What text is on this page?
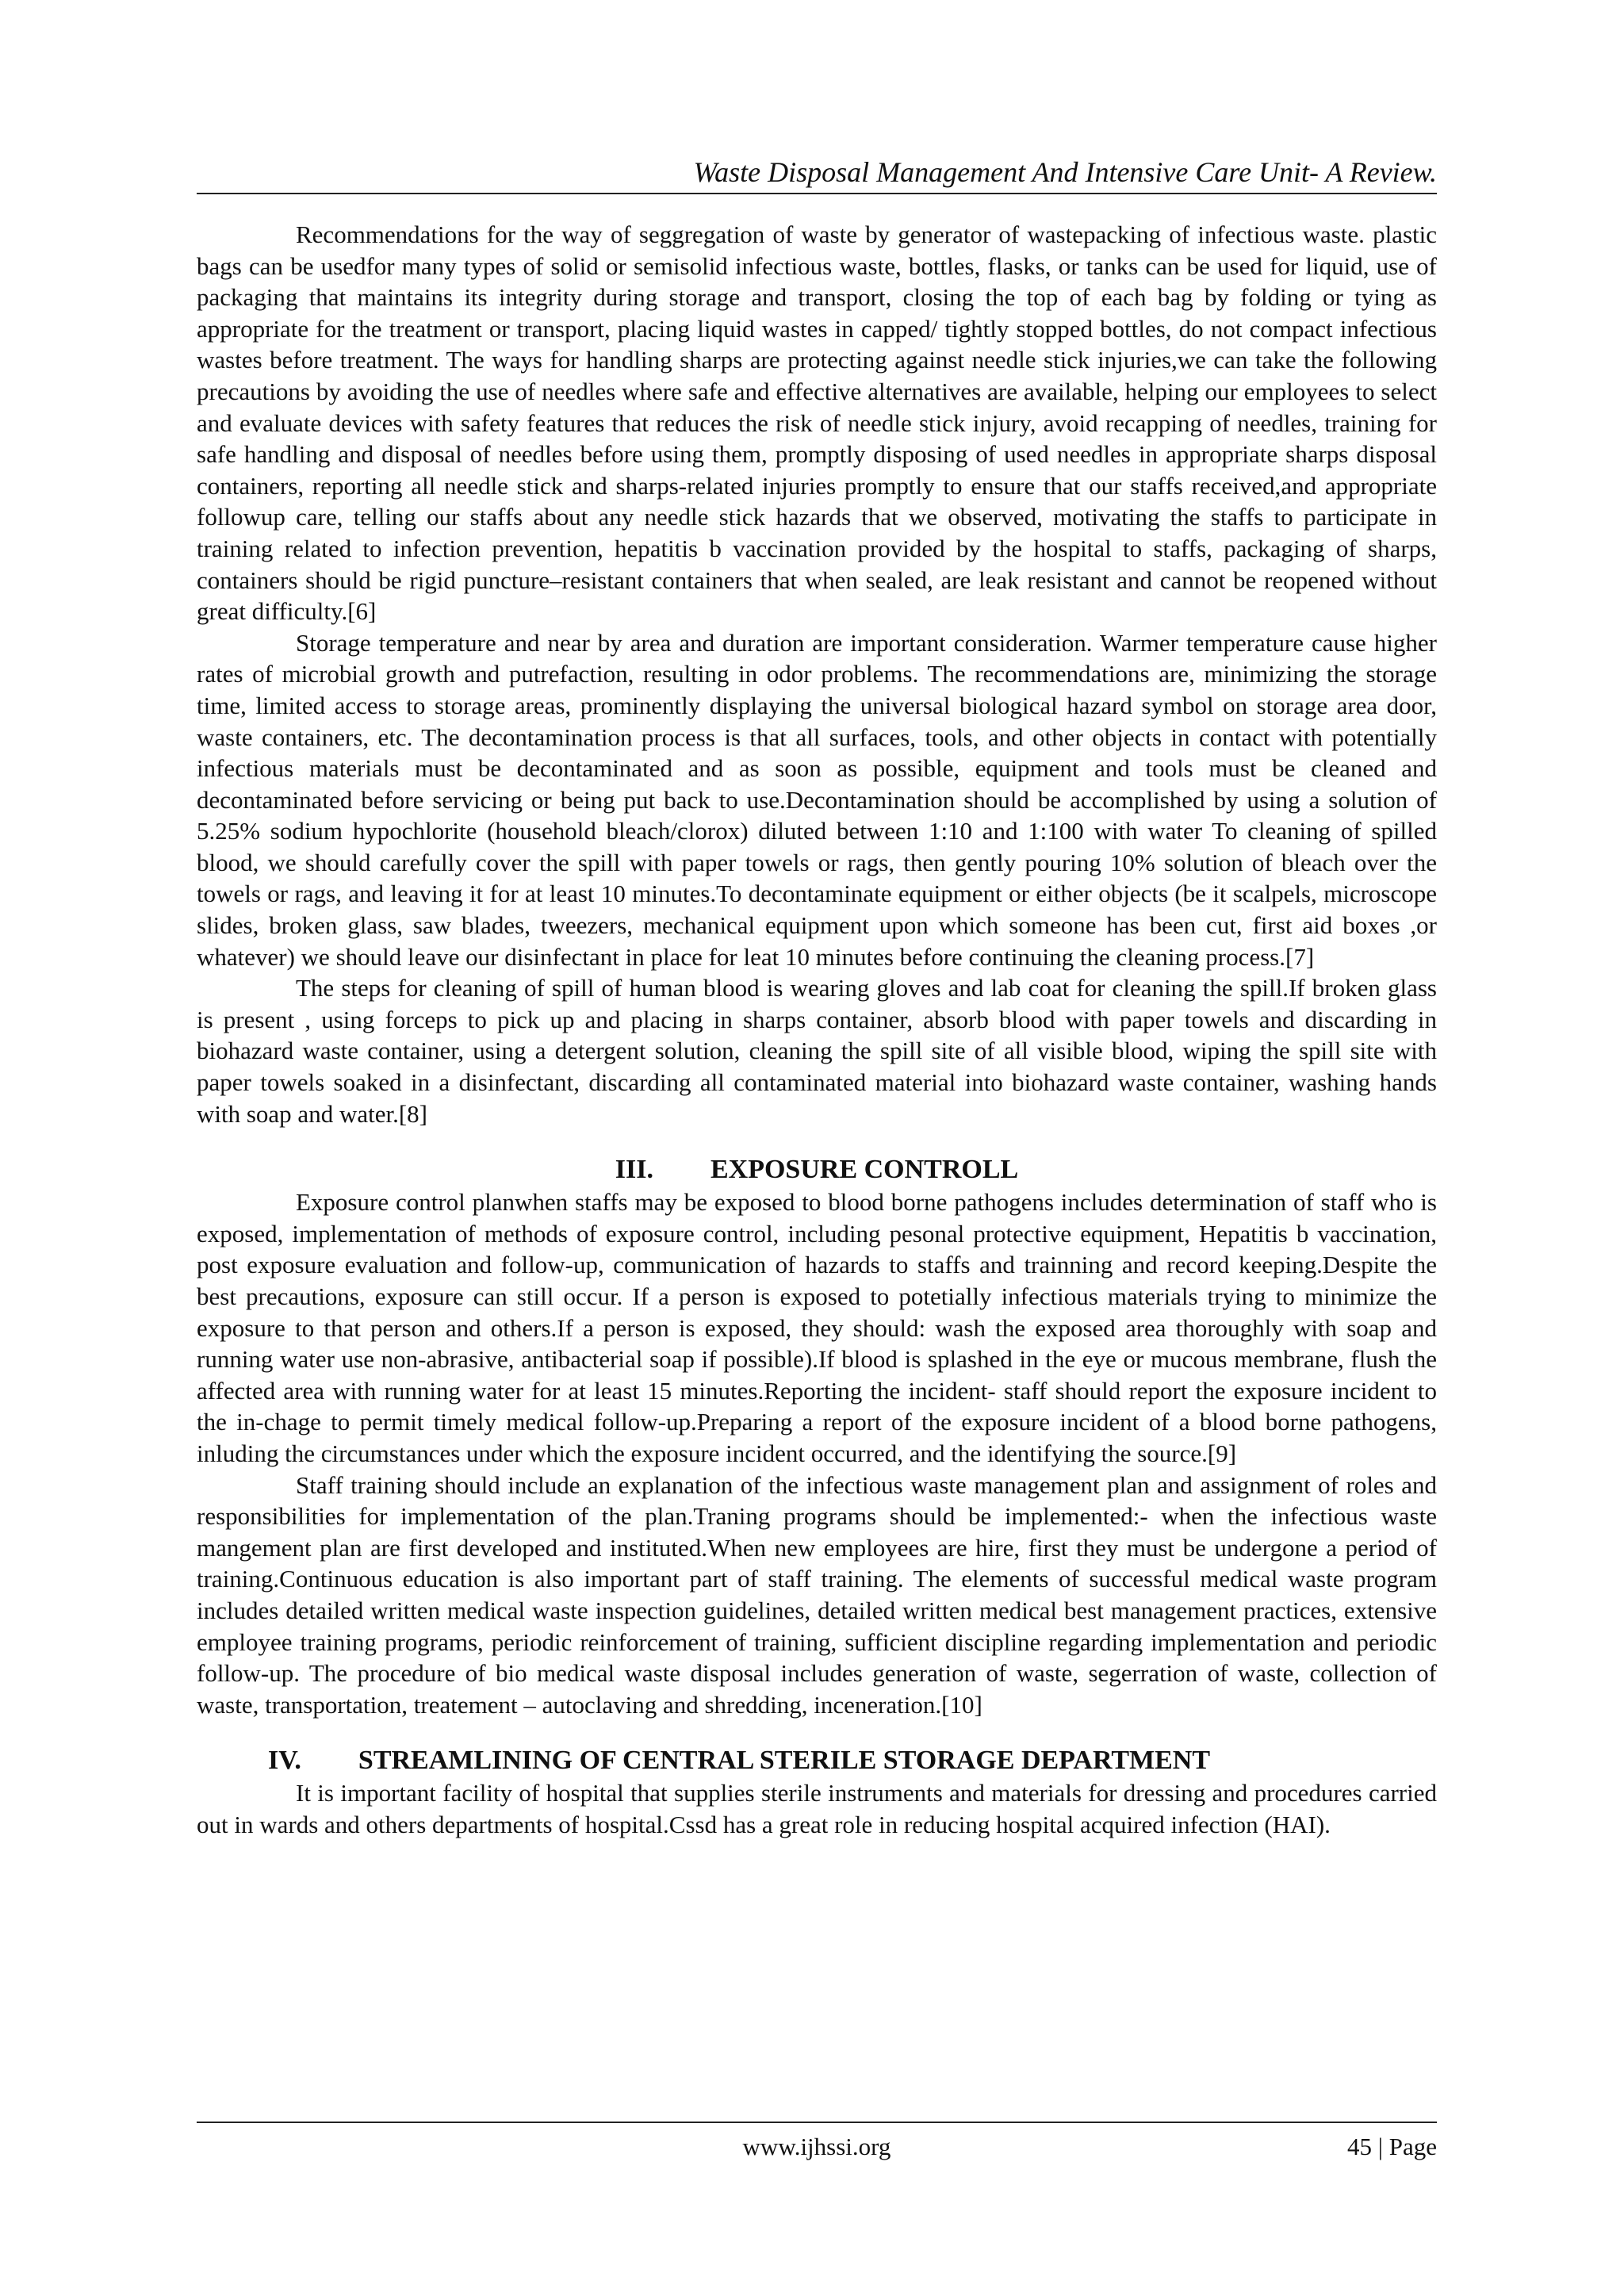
Waste Disposal Management And Intensive Care Unit- A Review.

Recommendations for the way of seggregation of waste by generator of wastepacking of infectious waste. plastic bags can be usedfor many types of solid or semisolid infectious waste, bottles, flasks, or tanks can be used for liquid, use of packaging that maintains its integrity during storage and transport, closing the top of each bag by folding or tying as appropriate for the treatment or transport, placing liquid wastes in capped/ tightly stopped bottles, do not compact infectious wastes before treatment. The ways for handling sharps are protecting against needle stick injuries,we can take the following precautions by avoiding the use of needles where safe and effective alternatives are available, helping our employees to select and evaluate devices with safety features that reduces the risk of needle stick injury, avoid recapping of needles, training for safe handling and disposal of needles before using them, promptly disposing of used needles in appropriate sharps disposal containers, reporting all needle stick and sharps-related injuries promptly to ensure that our staffs received,and appropriate followup care, telling our staffs about any needle stick hazards that we observed, motivating the staffs to participate in training related to infection prevention, hepatitis b vaccination provided by the hospital to staffs, packaging of sharps, containers should be rigid puncture–resistant containers that when sealed, are leak resistant and cannot be reopened without great difficulty.[6]

Storage temperature and near by area and duration are important consideration. Warmer temperature cause higher rates of microbial growth and putrefaction, resulting in odor problems. The recommendations are, minimizing the storage time, limited access to storage areas, prominently displaying the universal biological hazard symbol on storage area door, waste containers, etc. The decontamination process is that all surfaces, tools, and other objects in contact with potentially infectious materials must be decontaminated and as soon as possible, equipment and tools must be cleaned and decontaminated before servicing or being put back to use.Decontamination should be accomplished by using a solution of 5.25% sodium hypochlorite (household bleach/clorox) diluted between 1:10 and 1:100 with water To cleaning of spilled blood, we should carefully cover the spill with paper towels or rags, then gently pouring 10% solution of bleach over the towels or rags, and leaving it for at least 10 minutes.To decontaminate equipment or either objects (be it scalpels, microscope slides, broken glass, saw blades, tweezers, mechanical equipment upon which someone has been cut, first aid boxes ,or whatever) we should leave our disinfectant in place for leat 10 minutes before continuing the cleaning process.[7]

The steps for cleaning of spill of human blood is wearing gloves and lab coat for cleaning the spill.If broken glass is present , using forceps to pick up and placing in sharps container, absorb blood with paper towels and discarding in biohazard waste container, using a detergent solution, cleaning the spill site of all visible blood, wiping the spill site with paper towels soaked in a disinfectant, discarding all contaminated material into biohazard waste container, washing hands with soap and water.[8]

III. EXPOSURE CONTROLL

Exposure control planwhen staffs may be exposed to blood borne pathogens includes determination of staff who is exposed, implementation of methods of exposure control, including pesonal protective equipment, Hepatitis b vaccination, post exposure evaluation and follow-up, communication of hazards to staffs and trainning and record keeping.Despite the best precautions, exposure can still occur. If a person is exposed to potetially infectious materials trying to minimize the exposure to that person and others.If a person is exposed, they should: wash the exposed area thoroughly with soap and running water use non-abrasive, antibacterial soap if possible).If blood is splashed in the eye or mucous membrane, flush the affected area with running water for at least 15 minutes.Reporting the incident- staff should report the exposure incident to the in-chage to permit timely medical follow-up.Preparing a report of the exposure incident of a blood borne pathogens, inluding the circumstances under which the exposure incident occurred, and the identifying the source.[9]

Staff training should include an explanation of the infectious waste management plan and assignment of roles and responsibilities for implementation of the plan.Traning programs should be implemented:- when the infectious waste mangement plan are first developed and instituted.When new employees are hire, first they must be undergone a period of training.Continuous education is also important part of staff training. The elements of successful medical waste program includes detailed written medical waste inspection guidelines, detailed written medical best management practices, extensive employee training programs, periodic reinforcement of training, sufficient discipline regarding implementation and periodic follow-up. The procedure of bio medical waste disposal includes generation of waste, segerration of waste, collection of waste, transportation, treatement – autoclaving and shredding, inceneration.[10]

IV. STREAMLINING OF CENTRAL STERILE STORAGE DEPARTMENT

It is important facility of hospital that supplies sterile instruments and materials for dressing and procedures carried out in wards and others departments of hospital.Cssd has a great role in reducing hospital acquired infection (HAI).

www.ijhssi.org	45 | Page
